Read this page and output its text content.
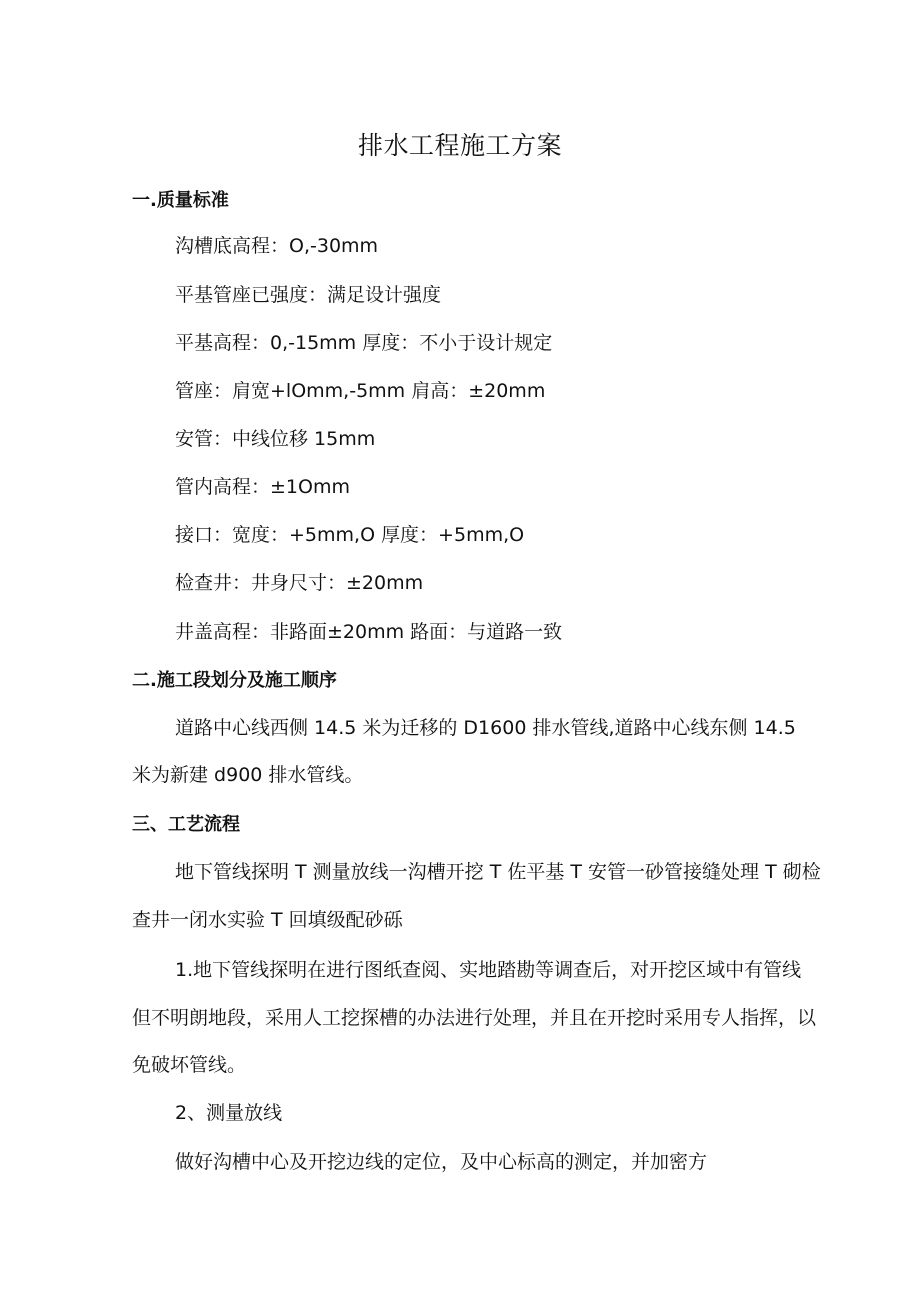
排水工程施工方案
一.质量标准
沟槽底高程：O,-30mm
平基管座已强度：满足设计强度
平基高程：0,-15mm 厚度：不小于设计规定
管座：肩宽+lOmm,-5mm 肩高：±20mm
安管：中线位移 15mm
管内高程：±1Omm
接口：宽度：+5mm,O 厚度：+5mm,O
检查井：井身尺寸：±20mm
井盖高程：非路面±20mm 路面：与道路一致
二.施工段划分及施工顺序
道路中心线西侧 14.5 米为迁移的 D1600 排水管线,道路中心线东侧 14.5
米为新建 d900 排水管线。
三、工艺流程
地下管线探明 T 测量放线一沟槽开挖 T 佐平基 T 安管一砂管接缝处理 T 砌检
查井一闭水实验 T 回填级配砂砾
1.地下管线探明在进行图纸查阅、实地踏勘等调查后，对开挖区域中有管线
但不明朗地段，采用人工挖探槽的办法进行处理，并且在开挖时采用专人指挥，以
免破坏管线。
2、测量放线
做好沟槽中心及开挖边线的定位，及中心标高的测定，并加密方
